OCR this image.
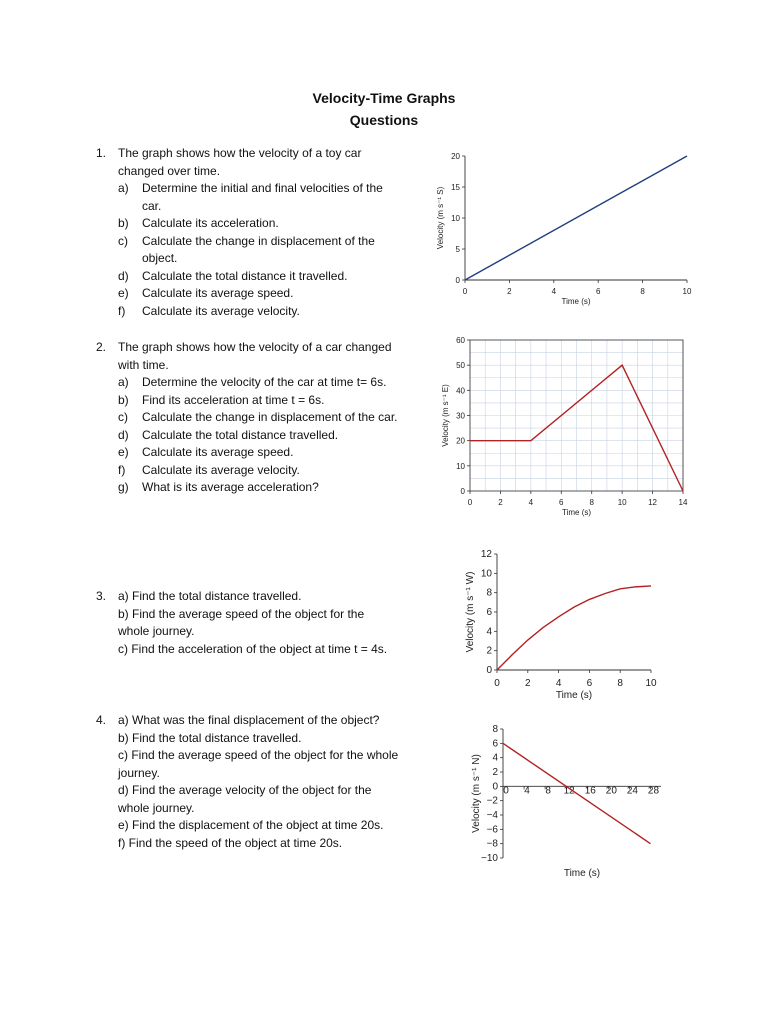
Velocity-Time Graphs
Questions
1. The graph shows how the velocity of a toy car
changed over time.
a) Determine the initial and final velocities of the
car.
b) Calculate its acceleration.
c) Calculate the change in displacement of the
object.
d) Calculate the total distance it travelled.
e) Calculate its average speed.
f) Calculate its average velocity.
2. The graph shows how the velocity of a car changed
with time.
a) Determine the velocity of the car at time t= 6s.
b) Find its acceleration at time t = 6s.
c) Calculate the change in displacement of the car.
d) Calculate the total distance travelled.
e) Calculate its average speed.
f) Calculate its average velocity.
g) What is its average acceleration?
3. a) Find the total distance travelled.
b) Find the average speed of the object for the
whole journey.
c) Find the acceleration of the object at time t = 4s.
4. a) What was the final displacement of the object?
b) Find the total distance travelled.
c) Find the average speed of the object for the whole
journey.
d) Find the average velocity of the object for the
whole journey.
e) Find the displacement of the object at time 20s.
f) Find the speed of the object at time 20s.
0
5
10
15
20
0	2	4	6	8	10
Time (s)
Velocity (m s⁻¹ S)
0
10
20
30
40
50
60
0	2	4	6	8	10	12	14
Time (s)
Velocity (m s⁻¹ E)
0
2
4
6
8
10
12
0	2	4	6	8 10
Time (s)
Velocity (m s⁻¹ W)
8
6
4
2
0
−2
−4
−6
−8
−10
0 4 8 12 16 20 24 28
Time (s)
Velocity (m s⁻¹ N)
